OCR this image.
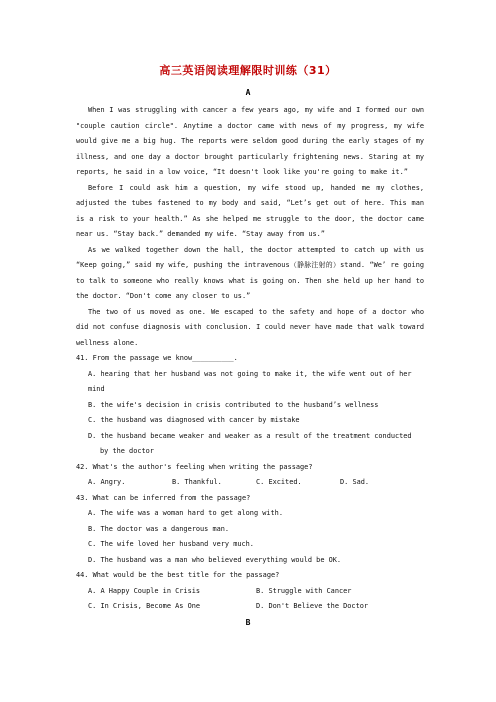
高三英语阅读理解限时训练（31）
A

When I was struggling with cancer a few years ago, my wife and I formed our own "couple caution circle". Anytime a doctor came with news of my progress, my wife would give me a big hug. The reports were seldom good during the early stages of my illness, and one day a doctor brought particularly frightening news. Staring at my reports, he said in a low voice, “It doesn't look like you're going to make it.”

Before I could ask him a question, my wife stood up, handed me my clothes, adjusted the tubes fastened to my body and said, “Let’s get out of here. This man is a risk to your health.” As she helped me struggle to the door, the doctor came near us. “Stay back.” demanded my wife. “Stay away from us.”

As we walked together down the hall, the doctor attempted to catch up with us “Keep going,” said my wife, pushing the intravenous（静脉注射的）stand. “We’ re going to talk to someone who really knows what is going on. Then she held up her hand to the doctor. “Don't come any closer to us.”

The two of us moved as one. We escaped to the safety and hope of a doctor who did not confuse diagnosis with conclusion. I could never have made that walk toward wellness alone.

41. From the passage we know__________.

A. hearing that her husband was not going to make it, the wife went out of her mind

B. the wife's decision in crisis contributed to the husband’s wellness

C. the husband was diagnosed with cancer by mistake

D. the husband became weaker and weaker as a result of the treatment conducted

by the doctor

42. What's the author's feeling when writing the passage?

A. Angry.	B. Thankful.	C. Excited.	D. Sad.

43. What can be inferred from the passage?

A. The wife was a woman hard to get along with.

B. The doctor was a dangerous man.

C. The wife loved her husband very much.

D. The husband was a man who believed everything would be OK.

44. What would be the best title for the passage?

A. A Happy Couple in Crisis	B. Struggle with Cancer
C. In Crisis, Become As One	D. Don't Believe the Doctor
B
